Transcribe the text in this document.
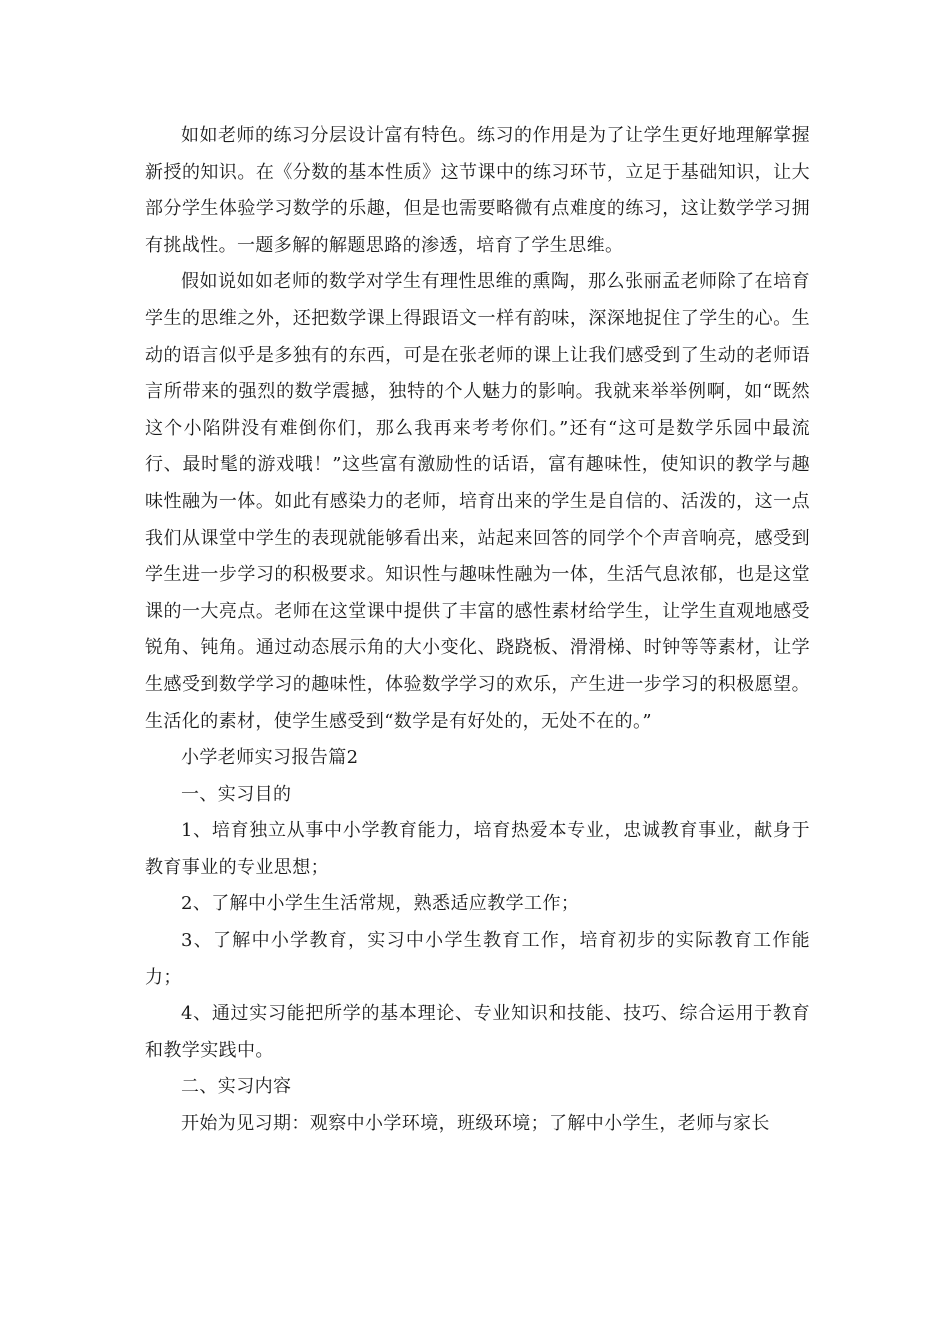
如如老师的练习分层设计富有特色。练习的作用是为了让学生更好地理解掌握新授的知识。在《分数的基本性质》这节课中的练习环节，立足于基础知识，让大部分学生体验学习数学的乐趣，但是也需要略微有点难度的练习，这让数学学习拥有挑战性。一题多解的解题思路的渗透，培育了学生思维。

假如说如如老师的数学对学生有理性思维的熏陶，那么张丽孟老师除了在培育学生的思维之外，还把数学课上得跟语文一样有韵味，深深地捉住了学生的心。生动的语言似乎是多独有的东西，可是在张老师的课上让我们感受到了生动的老师语言所带来的强烈的数学震撼，独特的个人魅力的影响。我就来举举例啊，如“既然这个小陷阱没有难倒你们，那么我再来考考你们。”还有“这可是数学乐园中最流行、最时髦的游戏哦！”这些富有激励性的话语，富有趣味性，使知识的教学与趣味性融为一体。如此有感染力的老师，培育出来的学生是自信的、活泼的，这一点我们从课堂中学生的表现就能够看出来，站起来回答的同学个个声音响亮，感受到学生进一步学习的积极要求。知识性与趣味性融为一体，生活气息浓郁，也是这堂课的一大亮点。老师在这堂课中提供了丰富的感性素材给学生，让学生直观地感受锐角、钝角。通过动态展示角的大小变化、跷跷板、滑滑梯、时钟等等素材，让学生感受到数学学习的趣味性，体验数学学习的欢乐，产生进一步学习的积极愿望。生活化的素材，使学生感受到“数学是有好处的，无处不在的。”

小学老师实习报告篇2

一、实习目的

1、培育独立从事中小学教育能力，培育热爱本专业，忠诚教育事业，献身于教育事业的专业思想；

2、了解中小学生生活常规，熟悉适应教学工作；

3、了解中小学教育，实习中小学生教育工作，培育初步的实际教育工作能力；

4、通过实习能把所学的基本理论、专业知识和技能、技巧、综合运用于教育和教学实践中。

二、实习内容

开始为见习期：观察中小学环境，班级环境；了解中小学生，老师与家长
